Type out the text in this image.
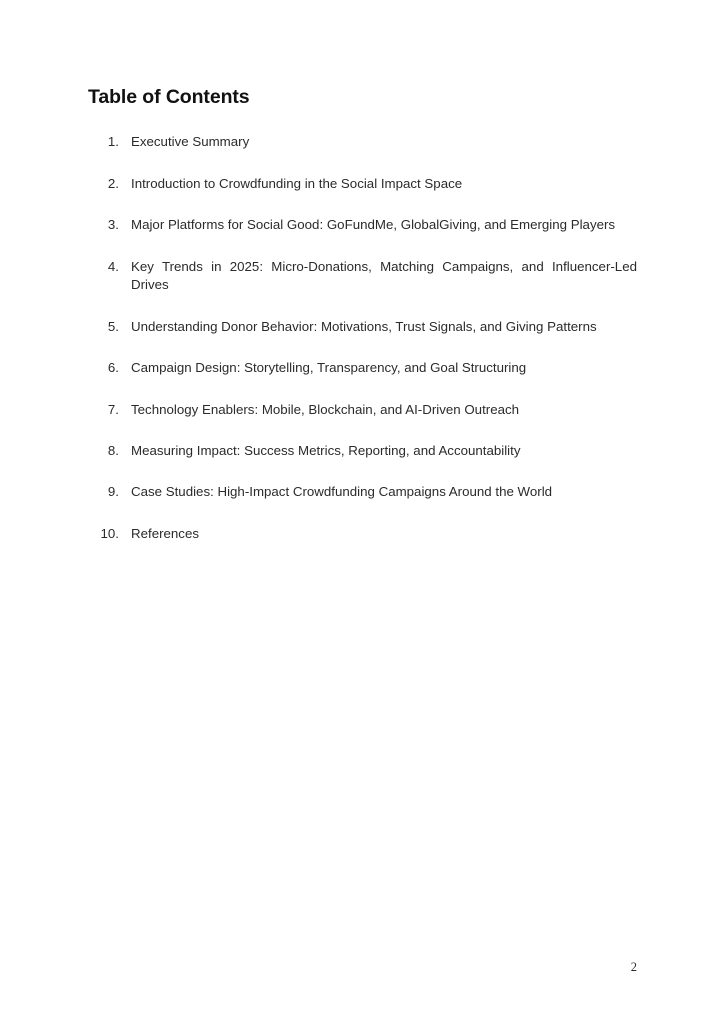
Table of Contents
1. Executive Summary
2. Introduction to Crowdfunding in the Social Impact Space
3. Major Platforms for Social Good: GoFundMe, GlobalGiving, and Emerging Players
4. Key Trends in 2025: Micro-Donations, Matching Campaigns, and Influencer-Led Drives
5. Understanding Donor Behavior: Motivations, Trust Signals, and Giving Patterns
6. Campaign Design: Storytelling, Transparency, and Goal Structuring
7. Technology Enablers: Mobile, Blockchain, and AI-Driven Outreach
8. Measuring Impact: Success Metrics, Reporting, and Accountability
9. Case Studies: High-Impact Crowdfunding Campaigns Around the World
10. References
2
